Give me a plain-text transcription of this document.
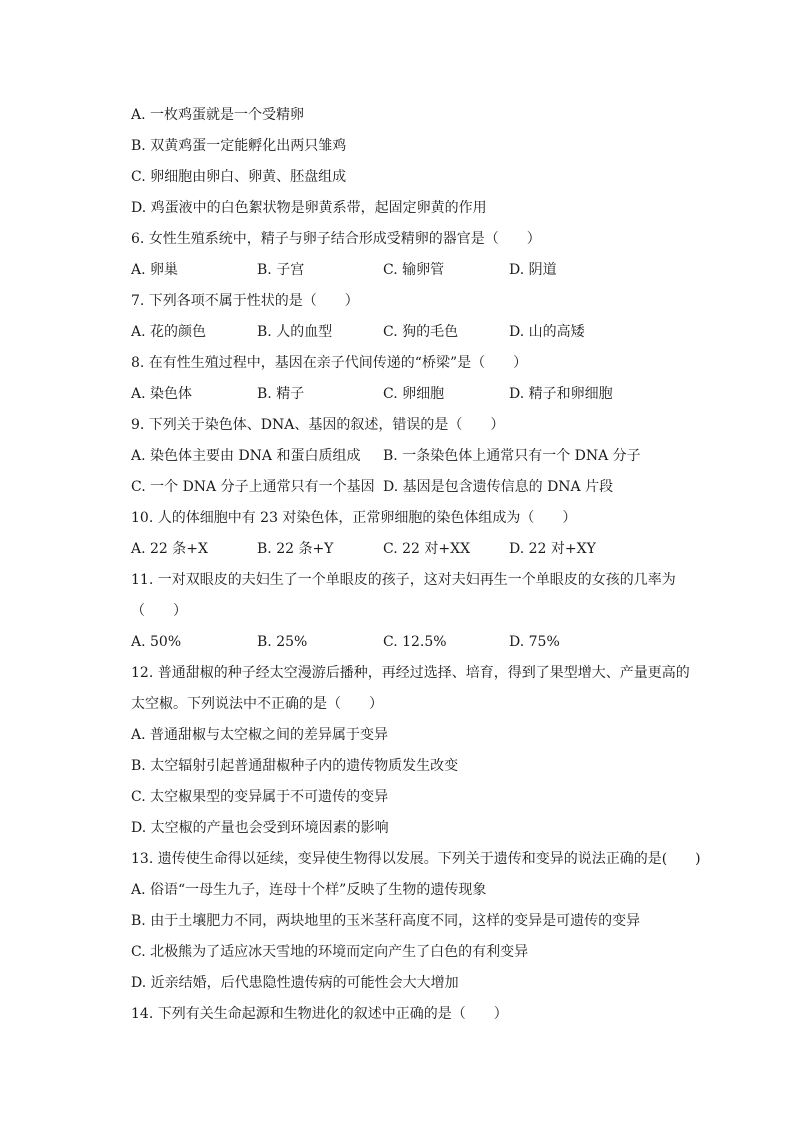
A. 一枚鸡蛋就是一个受精卵
B. 双黄鸡蛋一定能孵化出两只雏鸡
C. 卵细胞由卵白、卵黄、胚盘组成
D. 鸡蛋液中的白色絮状物是卵黄系带，起固定卵黄的作用
6. 女性生殖系统中，精子与卵子结合形成受精卵的器官是（　　）
A. 卵巢	B. 子宫	C. 输卵管	D. 阴道
7. 下列各项不属于性状的是（　　）
A. 花的颜色	B. 人的血型	C. 狗的毛色	D. 山的高矮
8. 在有性生殖过程中，基因在亲子代间传递的“桥梁”是（　　）
A. 染色体	B. 精子	C. 卵细胞	D. 精子和卵细胞
9. 下列关于染色体、DNA、基因的叙述，错误的是（　　）
A. 染色体主要由 DNA 和蛋白质组成	B. 一条染色体上通常只有一个 DNA 分子
C. 一个 DNA 分子上通常只有一个基因 D. 基因是包含遗传信息的 DNA 片段
10. 人的体细胞中有 23 对染色体，正常卵细胞的染色体组成为（　　）
A. 22 条+X	B. 22 条+Y	C. 22 对+XX	D. 22 对+XY
11. 一对双眼皮的夫妇生了一个单眼皮的孩子，这对夫妇再生一个单眼皮的女孩的几率为
（　　）
A. 50%	B. 25%	C. 12.5%	D. 75%
12. 普通甜椒的种子经太空漫游后播种，再经过选择、培育，得到了果型增大、产量更高的
太空椒。下列说法中不正确的是（　　）
A. 普通甜椒与太空椒之间的差异属于变异
B. 太空辐射引起普通甜椒种子内的遗传物质发生改变
C. 太空椒果型的变异属于不可遗传的变异
D. 太空椒的产量也会受到环境因素的影响
13. 遗传使生命得以延续，变异使生物得以发展。下列关于遗传和变异的说法正确的是(　　)
A. 俗语“一母生九子，连母十个样”反映了生物的遗传现象
B. 由于土壤肥力不同，两块地里的玉米茎秆高度不同，这样的变异是可遗传的变异
C. 北极熊为了适应冰天雪地的环境而定向产生了白色的有利变异
D. 近亲结婚，后代患隐性遗传病的可能性会大大增加
14. 下列有关生命起源和生物进化的叙述中正确的是（　　）
